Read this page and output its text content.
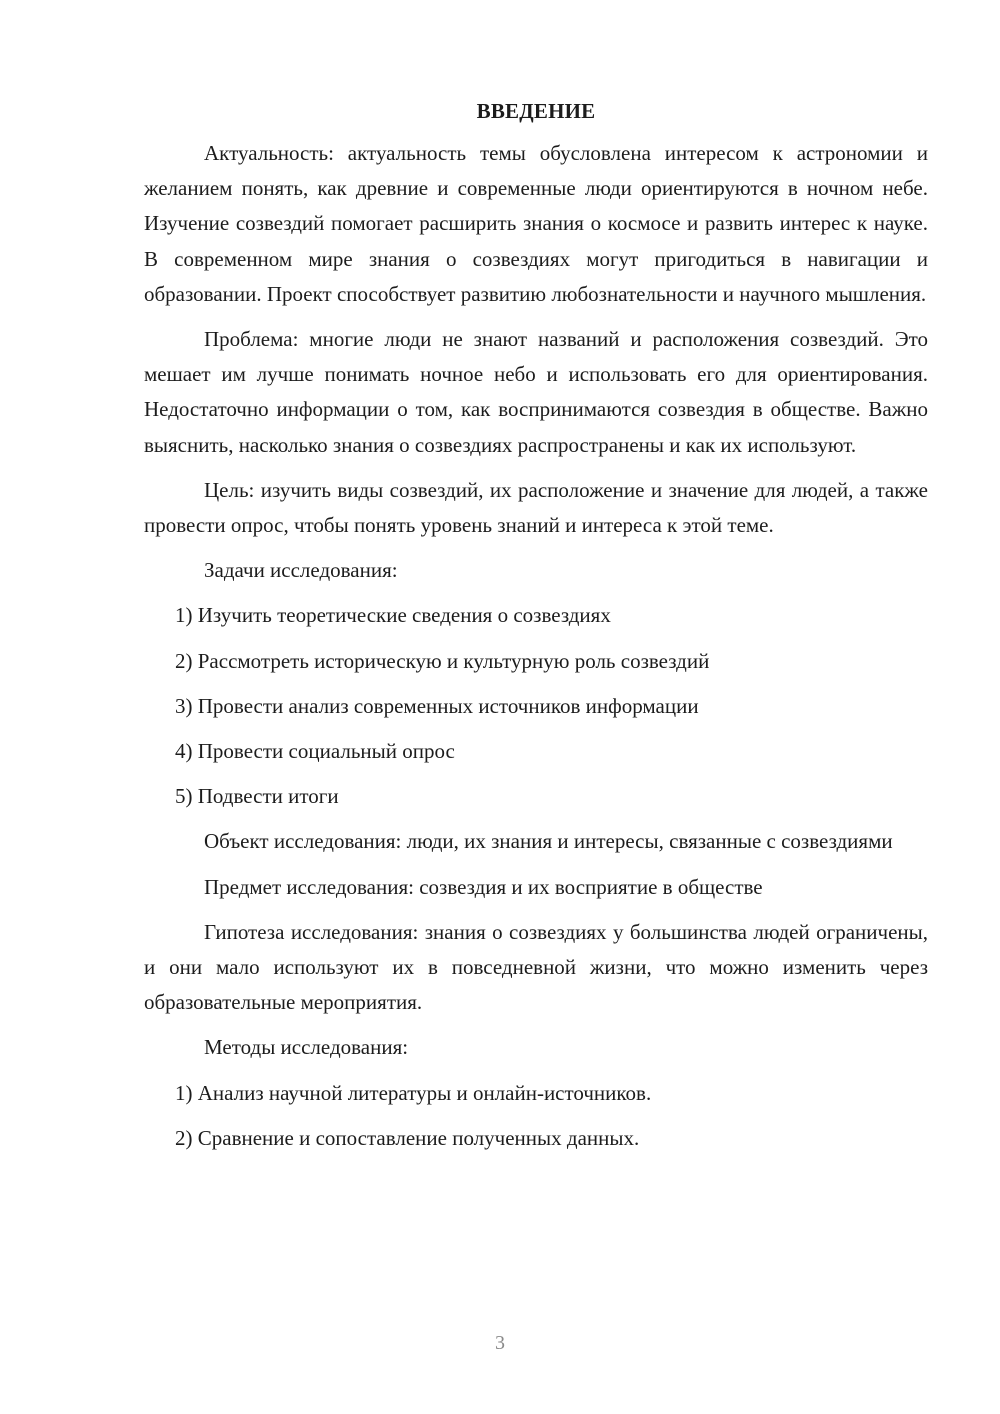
ВВЕДЕНИЕ

Актуальность: актуальность темы обусловлена интересом к астрономии и желанием понять, как древние и современные люди ориентируются в ночном небе. Изучение созвездий помогает расширить знания о космосе и развить интерес к науке. В современном мире знания о созвездиях могут пригодиться в навигации и образовании. Проект способствует развитию любознательности и научного мышления.

Проблема: многие люди не знают названий и расположения созвездий. Это мешает им лучше понимать ночное небо и использовать его для ориентирования. Недостаточно информации о том, как воспринимаются созвездия в обществе. Важно выяснить, насколько знания о созвездиях распространены и как их используют.

Цель: изучить виды созвездий, их расположение и значение для людей, а также провести опрос, чтобы понять уровень знаний и интереса к этой теме.

Задачи исследования:

1) Изучить теоретические сведения о созвездиях
2) Рассмотреть историческую и культурную роль созвездий
3) Провести анализ современных источников информации
4) Провести социальный опрос
5) Подвести итоги

Объект исследования: люди, их знания и интересы, связанные с созвездиями

Предмет исследования: созвездия и их восприятие в обществе

Гипотеза исследования: знания о созвездиях у большинства людей ограничены, и они мало используют их в повседневной жизни, что можно изменить через образовательные мероприятия.

Методы исследования:

1) Анализ научной литературы и онлайн-источников.
2) Сравнение и сопоставление полученных данных.
3
